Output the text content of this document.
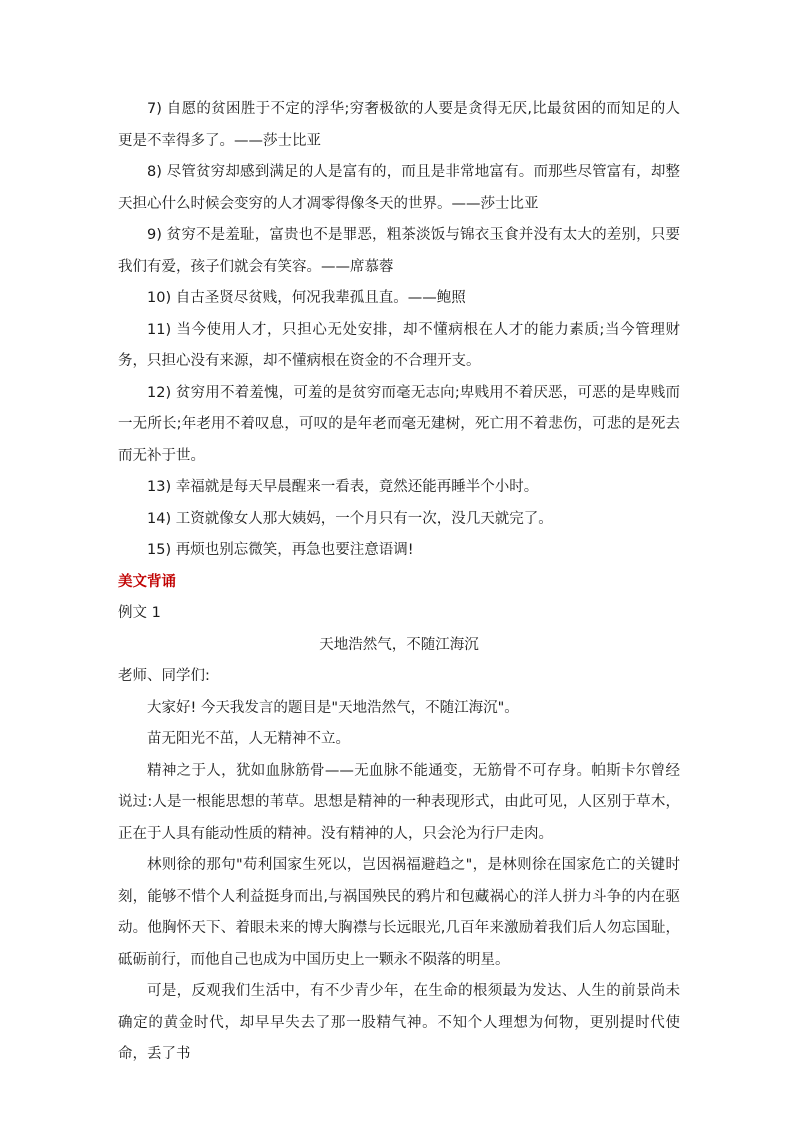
7) 自愿的贫困胜于不定的浮华;穷奢极欲的人要是贪得无厌,比最贫困的而知足的人更是不幸得多了。——莎士比亚

8) 尽管贫穷却感到满足的人是富有的，而且是非常地富有。而那些尽管富有，却整天担心什么时候会变穷的人才凋零得像冬天的世界。——莎士比亚

9) 贫穷不是羞耻，富贵也不是罪恶，粗茶淡饭与锦衣玉食并没有太大的差别，只要我们有爱，孩子们就会有笑容。——席慕蓉

10) 自古圣贤尽贫贱，何况我辈孤且直。——鲍照

11) 当今使用人才，只担心无处安排，却不懂病根在人才的能力素质;当今管理财务，只担心没有来源，却不懂病根在资金的不合理开支。

12) 贫穷用不着羞愧，可羞的是贫穷而毫无志向;卑贱用不着厌恶，可恶的是卑贱而一无所长;年老用不着叹息，可叹的是年老而毫无建树，死亡用不着悲伤，可悲的是死去而无补于世。

13) 幸福就是每天早晨醒来一看表，竟然还能再睡半个小时。

14) 工资就像女人那大姨妈，一个月只有一次，没几天就完了。

15) 再烦也别忘微笑，再急也要注意语调!

美文背诵

例文 1

天地浩然气，不随江海沉

老师、同学们:

大家好! 今天我发言的题目是"天地浩然气，不随江海沉"。

苗无阳光不茁，人无精神不立。

精神之于人，犹如血脉筋骨——无血脉不能通变，无筋骨不可存身。帕斯卡尔曾经说过:人是一根能思想的苇草。思想是精神的一种表现形式，由此可见，人区别于草木，正在于人具有能动性质的精神。没有精神的人，只会沦为行尸走肉。

林则徐的那句"苟利国家生死以，岂因祸福避趋之"，是林则徐在国家危亡的关键时刻，能够不惜个人利益挺身而出,与祸国殃民的鸦片和包藏祸心的洋人拼力斗争的内在驱动。他胸怀天下、着眼未来的博大胸襟与长远眼光,几百年来激励着我们后人勿忘国耻，砥砺前行，而他自己也成为中国历史上一颗永不陨落的明星。

可是，反观我们生活中，有不少青少年，在生命的根须最为发达、人生的前景尚未确定的黄金时代，却早早失去了那一股精气神。不知个人理想为何物，更别提时代使命，丢了书
